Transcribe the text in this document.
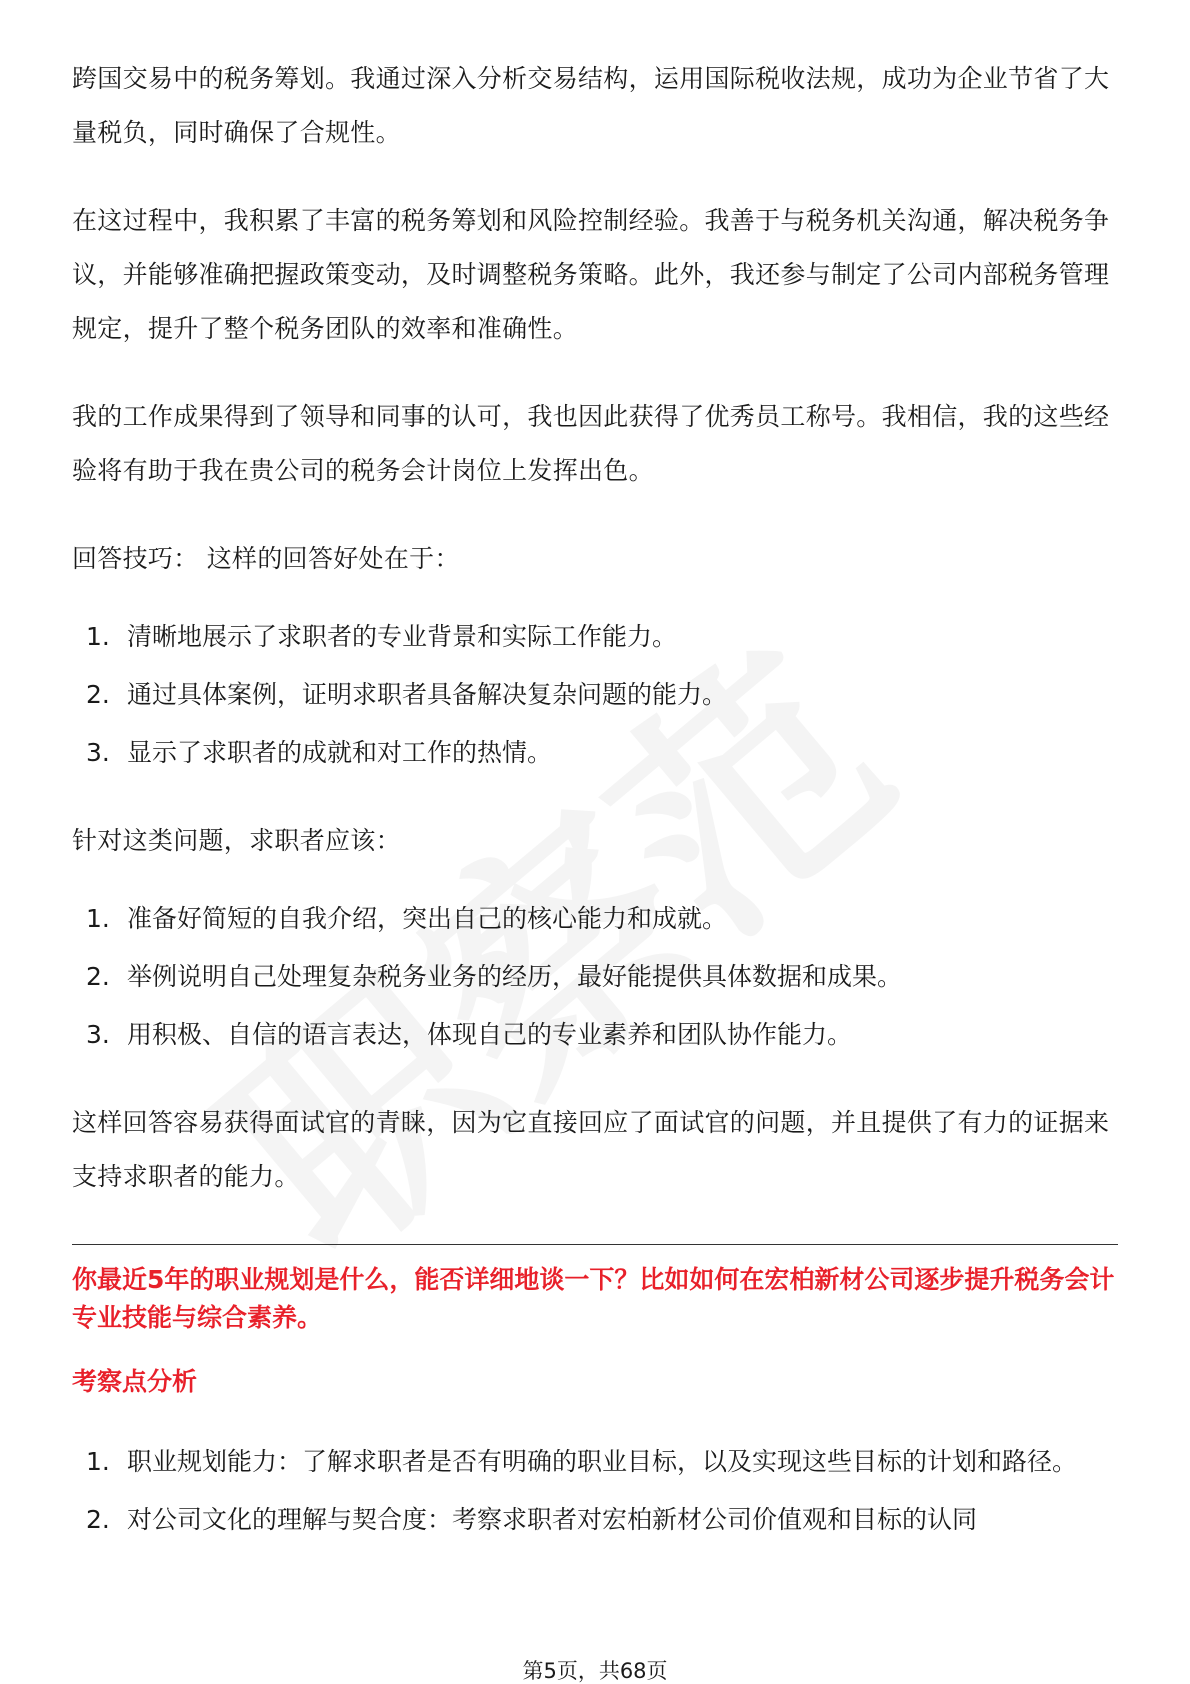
跨国交易中的税务筹划。我通过深入分析交易结构，运用国际税收法规，成功为企业节省了大量税负，同时确保了合规性。

在这过程中，我积累了丰富的税务筹划和风险控制经验。我善于与税务机关沟通，解决税务争议，并能够准确把握政策变动，及时调整税务策略。此外，我还参与制定了公司内部税务管理规定，提升了整个税务团队的效率和准确性。

我的工作成果得到了领导和同事的认可，我也因此获得了优秀员工称号。我相信，我的这些经验将有助于我在贵公司的税务会计岗位上发挥出色。

回答技巧： 这样的回答好处在于：

1. 清晰地展示了求职者的专业背景和实际工作能力。
2. 通过具体案例，证明求职者具备解决复杂问题的能力。
3. 显示了求职者的成就和对工作的热情。

针对这类问题，求职者应该：

1. 准备好简短的自我介绍，突出自己的核心能力和成就。
2. 举例说明自己处理复杂税务业务的经历，最好能提供具体数据和成果。
3. 用积极、自信的语言表达，体现自己的专业素养和团队协作能力。

这样回答容易获得面试官的青睐，因为它直接回应了面试官的问题，并且提供了有力的证据来支持求职者的能力。

你最近5年的职业规划是什么，能否详细地谈一下？比如如何在宏柏新材公司逐步提升税务会计专业技能与综合素养。
考察点分析
1. 职业规划能力：了解求职者是否有明确的职业目标，以及实现这些目标的计划和路径。
2. 对公司文化的理解与契合度：考察求职者对宏柏新材公司价值观和目标的认同
第5页，共68页
